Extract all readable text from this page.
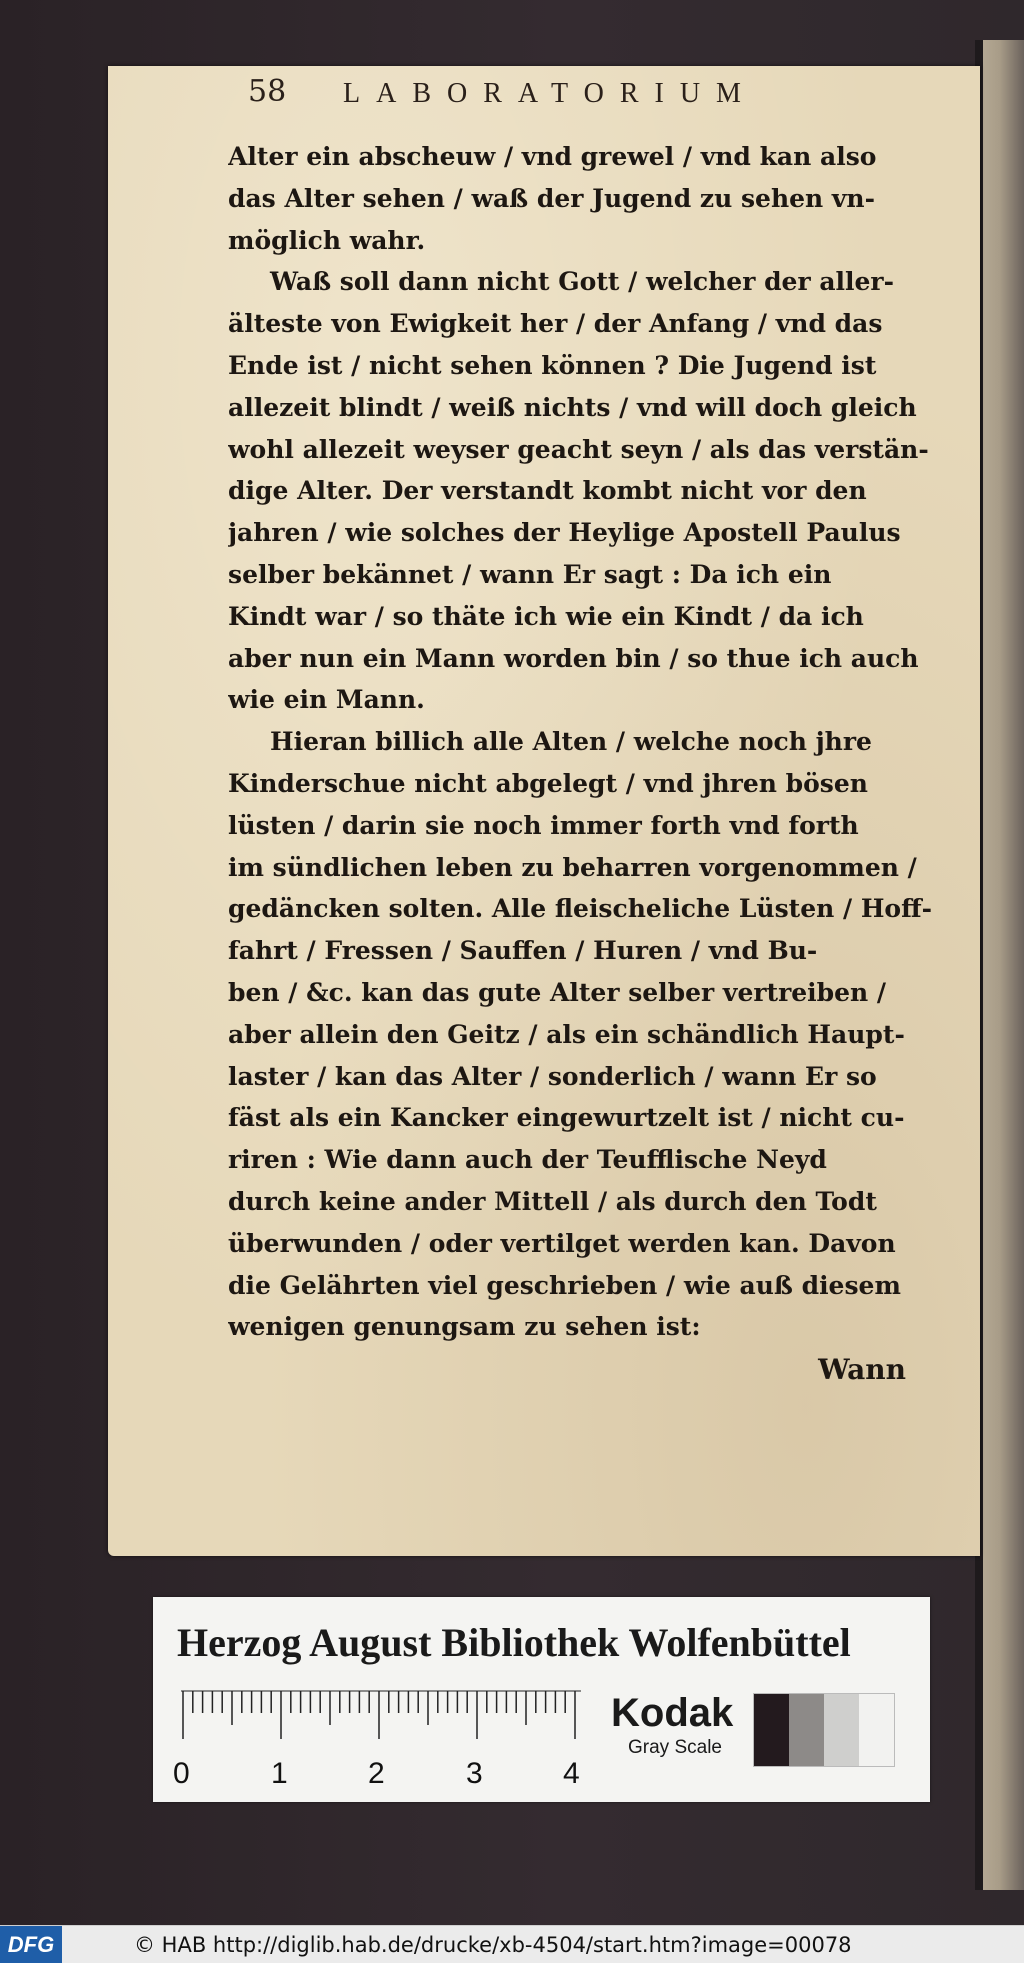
58 LABORATORIUM
Alter ein abscheuw / vnd grewel / vnd kan also
das Alter sehen / waß der Jugend zu sehen vn-
möglich wahr.
Waß soll dann nicht Gott / welcher der aller-
älteste von Ewigkeit her / der Anfang / vnd das
Ende ist / nicht sehen können ? Die Jugend ist
allezeit blindt / weiß nichts / vnd will doch gleich
wohl allezeit weyser geacht seyn / als das verstän-
dige Alter. Der verstandt kombt nicht vor den
jahren / wie solches der Heylige Apostell Paulus
selber bekännet / wann Er sagt : Da ich ein
Kindt war / so thäte ich wie ein Kindt / da ich
aber nun ein Mann worden bin / so thue ich auch
wie ein Mann.
Hieran billich alle Alten / welche noch jhre
Kinderschue nicht abgelegt / vnd jhren bösen
lüsten / darin sie noch immer forth vnd forth
im sündlichen leben zu beharren vorgenommen /
gedäncken solten. Alle fleischeliche Lüsten / Hoff-
fahrt / Fressen / Sauffen / Huren / vnd Bu-
ben / &c. kan das gute Alter selber vertreiben /
aber allein den Geitz / als ein schändlich Haupt-
laster / kan das Alter / sonderlich / wann Er so
fäst als ein Kancker eingewurtzelt ist / nicht cu-
riren : Wie dann auch der Teufflische Neyd
durch keine ander Mittell / als durch den Todt
überwunden / oder vertilget werden kan. Davon
die Gelährten viel geschrieben / wie auß diesem
wenigen genungsam zu sehen ist:
Wann
Herzog August Bibliothek Wolfenbüttel
0	1	2	3	4
Kodak
Gray Scale
DFG	© HAB http://diglib.hab.de/drucke/xb-4504/start.htm?image=00078
